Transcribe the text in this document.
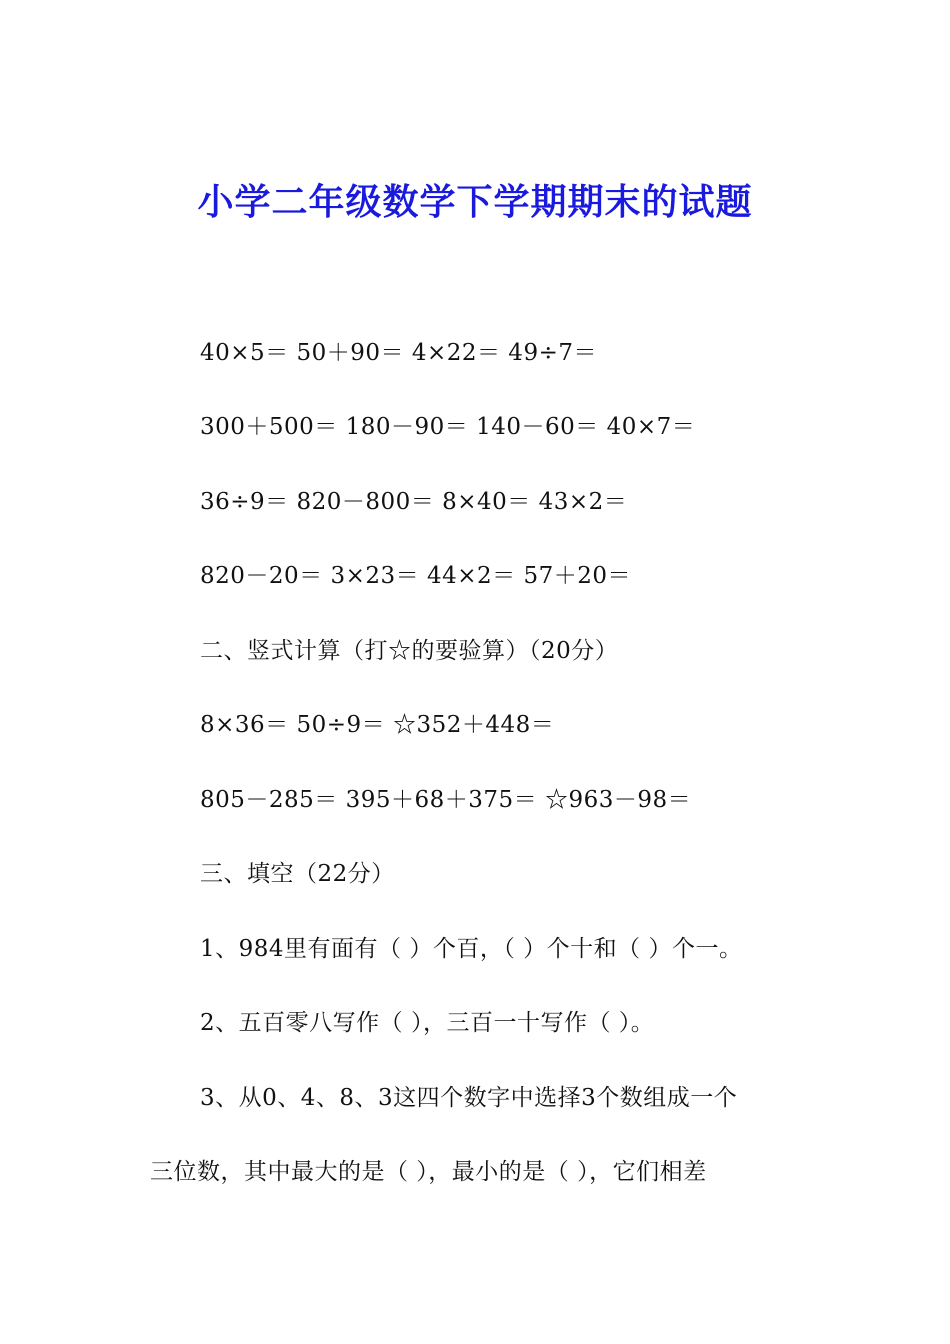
小学二年级数学下学期期末的试题
40×5＝ 50＋90＝ 4×22＝ 49÷7＝
300＋500＝ 180－90＝ 140－60＝ 40×7＝
36÷9＝ 820－800＝ 8×40＝ 43×2＝
820－20＝ 3×23＝ 44×2＝ 57＋20＝
二、竖式计算（打☆的要验算）（20分）
8×36＝ 50÷9＝ ☆352＋448＝
805－285＝ 395＋68＋375＝ ☆963－98＝
三、填空（22分）
1、984里有面有（ ）个百，（ ）个十和（ ）个一。
2、五百零八写作（ ），三百一十写作（ ）。
3、从0、4、8、3这四个数字中选择3个数组成一个
三位数，其中最大的是（ ），最小的是（ ），它们相差
